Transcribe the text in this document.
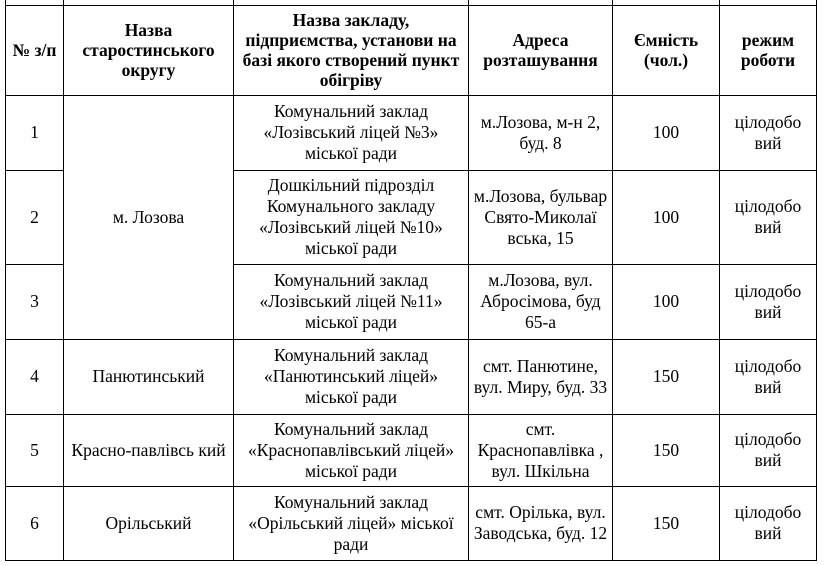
№ з/п	Назва старостинського округу	Назва закладу, підприємства, установи на базі якого створений пункт обігріву	Адреса розташування	Ємність (чол.)	режим роботи
1	м. Лозова	Комунальний заклад «Лозівський ліцей №3» міської ради	м.Лозова, м-н 2, буд. 8	100	цілодобо вий
2		Дошкільний підрозділ Комунального закладу «Лозівський ліцей №10» міської ради	м.Лозова, бульвар Свято-Миколаї вська, 15	100	цілодобо вий
3		Комунальний заклад «Лозівський ліцей №11» міської ради	м.Лозова, вул. Абросімова, буд 65-а	100	цілодобо вий
4	Панютинський	Комунальний заклад «Панютинський ліцей» міської ради	смт. Панютине, вул. Миру, буд. 33	150	цілодобо вий
5	Красно-павлівсь кий	Комунальний заклад «Краснопавлівський ліцей» міської ради	смт. Краснопавлівка , вул. Шкільна	150	цілодобо вий
6	Орільський	Комунальний заклад «Орільський ліцей» міської ради	смт. Орілька, вул. Заводська, буд. 12	150	цілодобо вий
